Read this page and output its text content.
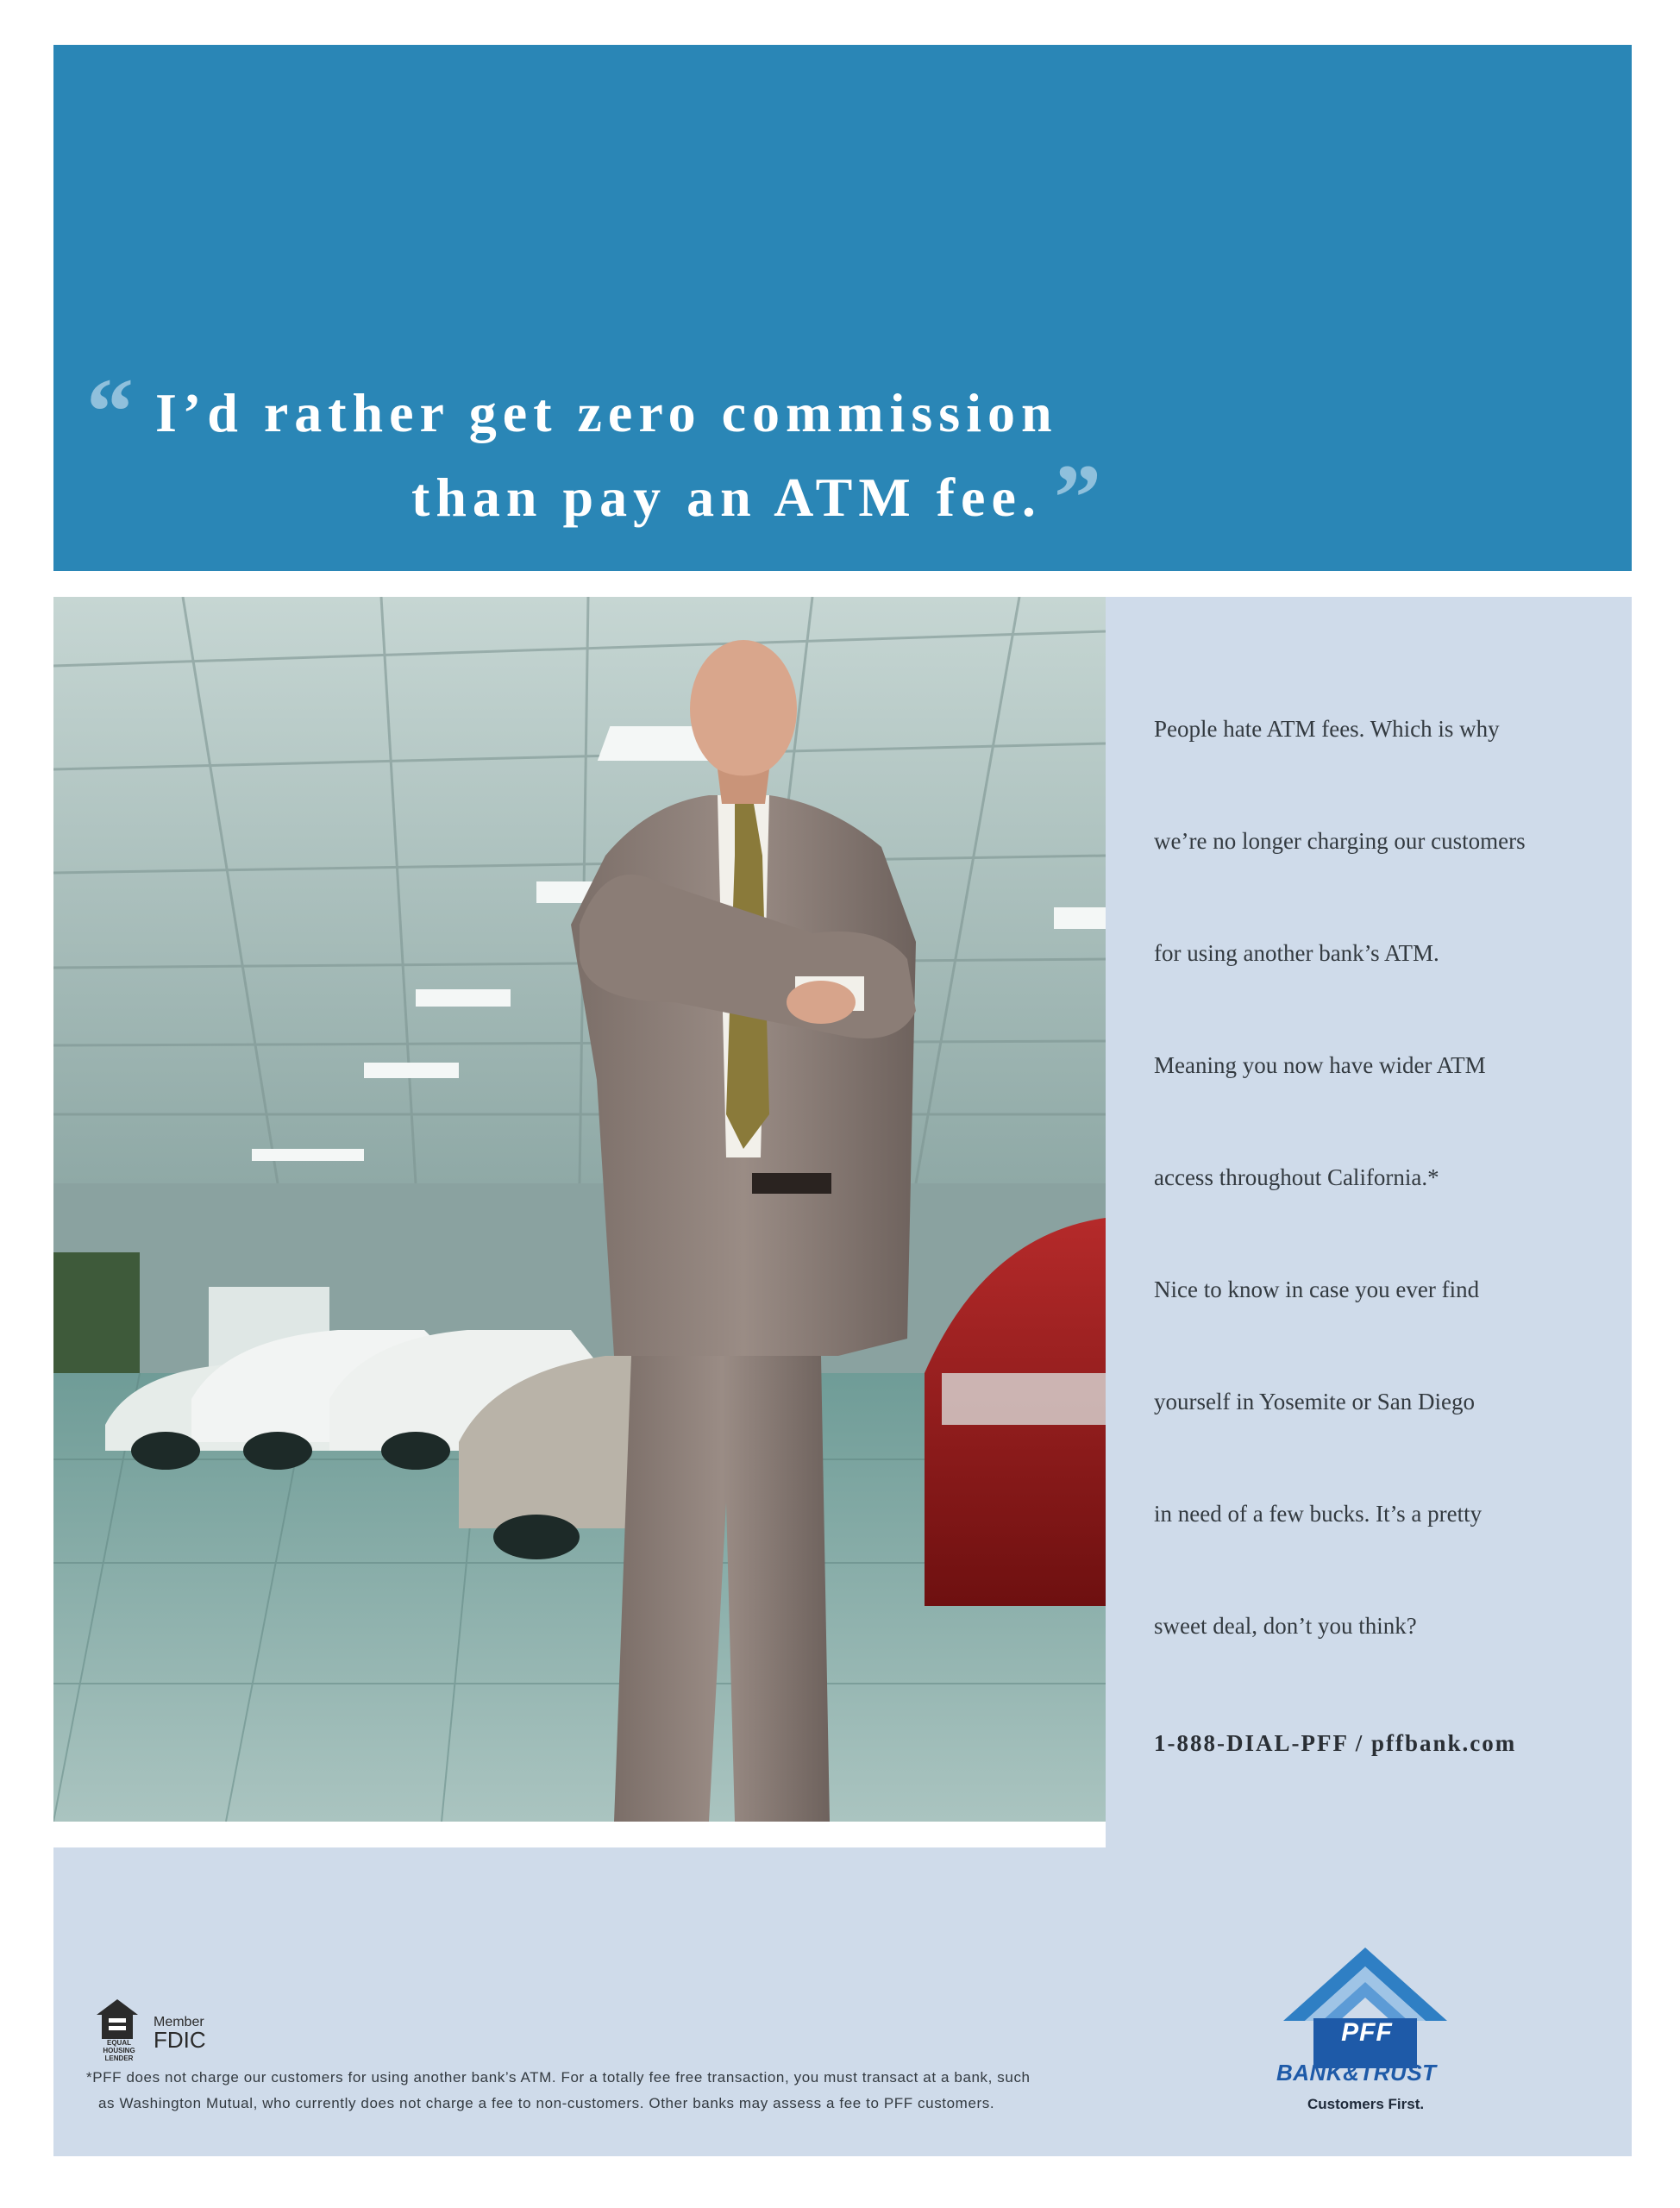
“ I’d rather get zero commission
than pay an ATM fee. ”

People hate ATM fees. Which is why

we’re no longer charging our customers

for using another bank’s ATM.

Meaning you now have wider ATM

access throughout California.*

Nice to know in case you ever find

yourself in Yosemite or San Diego

in need of a few bucks. It’s a pretty

sweet deal, don’t you think?

1-888-DIAL-PFF / pffbank.com
EQUAL HOUSING LENDER
Member
FDIC
*PFF does not charge our customers for using another bank’s ATM. For a totally fee free transaction, you must transact at a bank, such
as Washington Mutual, who currently does not charge a fee to non-customers. Other banks may assess a fee to PFF customers.
PFF
BANK&TRUST
Customers First.
